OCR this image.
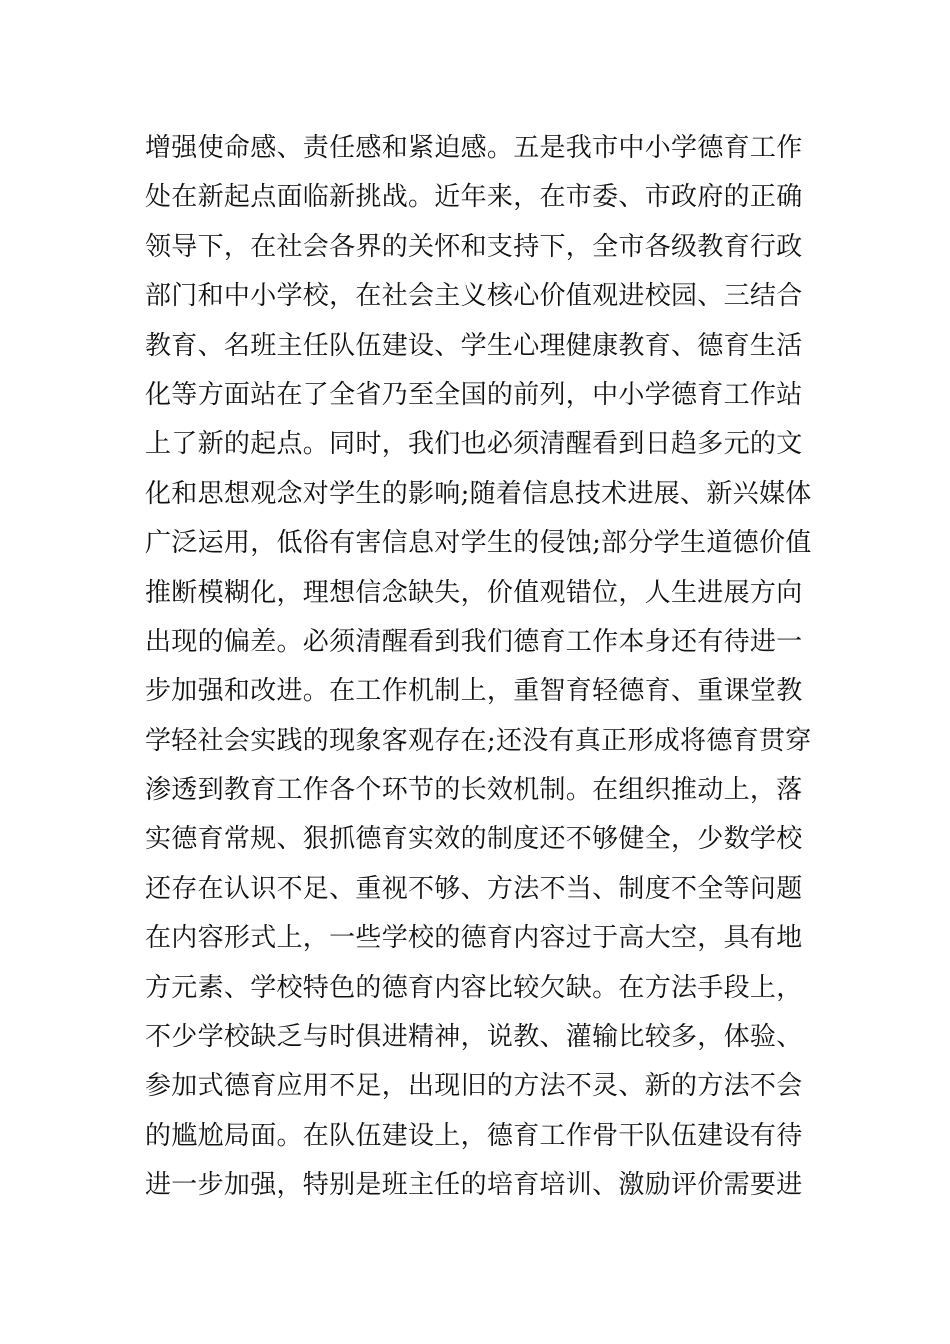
增强使命感、责任感和紧迫感。五是我市中小学德育工作
处在新起点面临新挑战。近年来，在市委、市政府的正确
领导下，在社会各界的关怀和支持下，全市各级教育行政
部门和中小学校，在社会主义核心价值观进校园、三结合
教育、名班主任队伍建设、学生心理健康教育、德育生活
化等方面站在了全省乃至全国的前列，中小学德育工作站
上了新的起点。同时，我们也必须清醒看到日趋多元的文
化和思想观念对学生的影响;随着信息技术进展、新兴媒体
广泛运用，低俗有害信息对学生的侵蚀;部分学生道德价值
推断模糊化，理想信念缺失，价值观错位，人生进展方向
出现的偏差。必须清醒看到我们德育工作本身还有待进一
步加强和改进。在工作机制上，重智育轻德育、重课堂教
学轻社会实践的现象客观存在;还没有真正形成将德育贯穿
渗透到教育工作各个环节的长效机制。在组织推动上，落
实德育常规、狠抓德育实效的制度还不够健全，少数学校
还存在认识不足、重视不够、方法不当、制度不全等问题
在内容形式上，一些学校的德育内容过于高大空，具有地
方元素、学校特色的德育内容比较欠缺。在方法手段上，
不少学校缺乏与时俱进精神，说教、灌输比较多，体验、
参加式德育应用不足，出现旧的方法不灵、新的方法不会
的尴尬局面。在队伍建设上，德育工作骨干队伍建设有待
进一步加强，特别是班主任的培育培训、激励评价需要进
